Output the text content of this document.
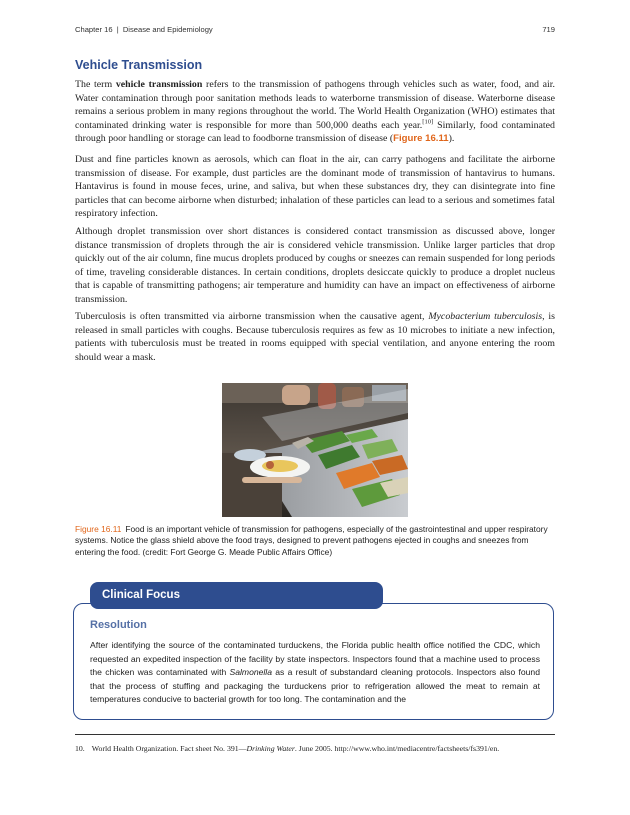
Chapter 16 | Disease and Epidemiology	719
Vehicle Transmission

The term vehicle transmission refers to the transmission of pathogens through vehicles such as water, food, and air. Water contamination through poor sanitation methods leads to waterborne transmission of disease. Waterborne disease remains a serious problem in many regions throughout the world. The World Health Organization (WHO) estimates that contaminated drinking water is responsible for more than 500,000 deaths each year.[10] Similarly, food contaminated through poor handling or storage can lead to foodborne transmission of disease (Figure 16.11).

Dust and fine particles known as aerosols, which can float in the air, can carry pathogens and facilitate the airborne transmission of disease. For example, dust particles are the dominant mode of transmission of hantavirus to humans. Hantavirus is found in mouse feces, urine, and saliva, but when these substances dry, they can disintegrate into fine particles that can become airborne when disturbed; inhalation of these particles can lead to a serious and sometimes fatal respiratory infection.

Although droplet transmission over short distances is considered contact transmission as discussed above, longer distance transmission of droplets through the air is considered vehicle transmission. Unlike larger particles that drop quickly out of the air column, fine mucus droplets produced by coughs or sneezes can remain suspended for long periods of time, traveling considerable distances. In certain conditions, droplets desiccate quickly to produce a droplet nucleus that is capable of transmitting pathogens; air temperature and humidity can have an impact on effectiveness of airborne transmission.

Tuberculosis is often transmitted via airborne transmission when the causative agent, Mycobacterium tuberculosis, is released in small particles with coughs. Because tuberculosis requires as few as 10 microbes to initiate a new infection, patients with tuberculosis must be treated in rooms equipped with special ventilation, and anyone entering the room should wear a mask.

Figure 16.11 Food is an important vehicle of transmission for pathogens, especially of the gastrointestinal and upper respiratory systems. Notice the glass shield above the food trays, designed to prevent pathogens ejected in coughs and sneezes from entering the food. (credit: Fort George G. Meade Public Affairs Office)

Clinical Focus
Resolution

After identifying the source of the contaminated turduckens, the Florida public health office notified the CDC, which requested an expedited inspection of the facility by state inspectors. Inspectors found that a machine used to process the chicken was contaminated with Salmonella as a result of substandard cleaning protocols. Inspectors also found that the process of stuffing and packaging the turduckens prior to refrigeration allowed the meat to remain at temperatures conducive to bacterial growth for too long. The contamination and the

10. World Health Organization. Fact sheet No. 391—Drinking Water. June 2005. http://www.who.int/mediacentre/factsheets/fs391/en.
